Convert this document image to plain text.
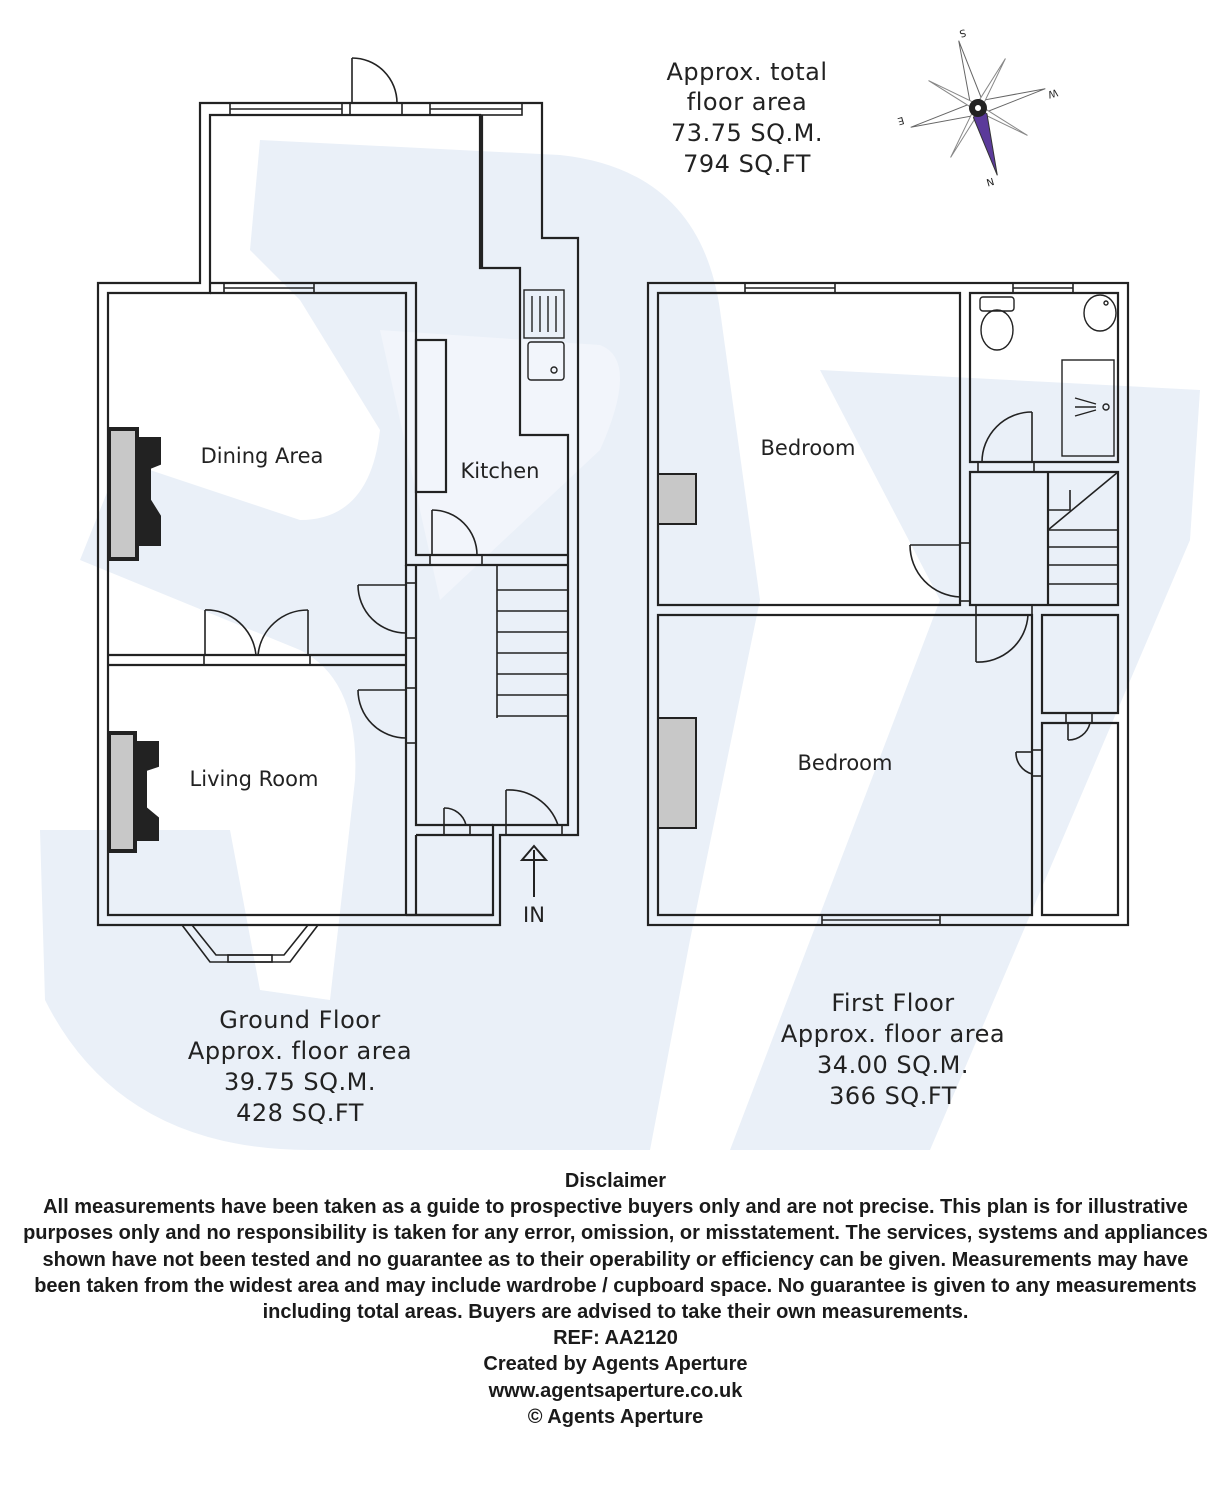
S
W
E
N
Approx. total
floor area
73.75 SQ.M.
794 SQ.FT
Dining Area
Kitchen
Living Room
IN
Bedroom
Bedroom
Ground Floor
Approx. floor area
39.75 SQ.M.
428 SQ.FT
First Floor
Approx. floor area
34.00 SQ.M.
366 SQ.FT
Disclaimer
All measurements have been taken as a guide to prospective buyers only and are not precise. This plan is for illustrative purposes only and no responsibility is taken for any error, omission, or misstatement. The services, systems and appliances shown have not been tested and no guarantee as to their operability or efficiency can be given. Measurements may have been taken from the widest area and may include wardrobe / cupboard space. No guarantee is given to any measurements including total areas. Buyers are advised to take their own measurements.
REF: AA2120
Created by Agents Aperture
www.agentsaperture.co.uk
© Agents Aperture
